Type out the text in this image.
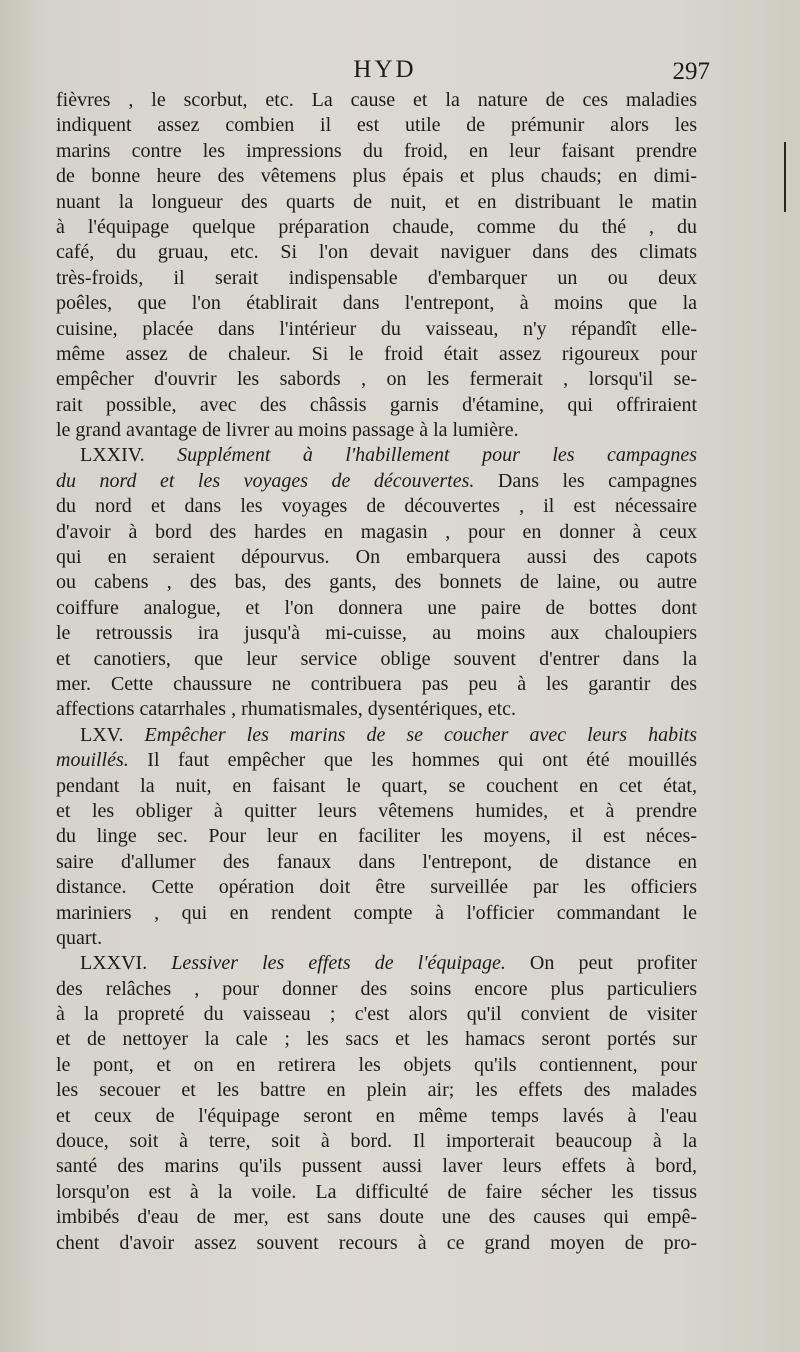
HYD	297
fièvres , le scorbut, etc. La cause et la nature de ces maladies
indiquent assez combien il est utile de prémunir alors les
marins contre les impressions du froid, en leur faisant prendre
de bonne heure des vêtemens plus épais et plus chauds; en dimi-
nuant la longueur des quarts de nuit, et en distribuant le matin
à l'équipage quelque préparation chaude, comme du thé , du
café, du gruau, etc. Si l'on devait naviguer dans des climats
très-froids, il serait indispensable d'embarquer un ou deux
poêles, que l'on établirait dans l'entrepont, à moins que la
cuisine, placée dans l'intérieur du vaisseau, n'y répandît elle-
même assez de chaleur. Si le froid était assez rigoureux pour
empêcher d'ouvrir les sabords , on les fermerait , lorsqu'il se-
rait possible, avec des châssis garnis d'étamine, qui offriraient
le grand avantage de livrer au moins passage à la lumière.
LXXIV. Supplément à l'habillement pour les campagnes
du nord et les voyages de découvertes. Dans les campagnes
du nord et dans les voyages de découvertes , il est nécessaire
d'avoir à bord des hardes en magasin , pour en donner à ceux
qui en seraient dépourvus. On embarquera aussi des capots
ou cabens , des bas, des gants, des bonnets de laine, ou autre
coiffure analogue, et l'on donnera une paire de bottes dont
le retroussis ira jusqu'à mi-cuisse, au moins aux chaloupiers
et canotiers, que leur service oblige souvent d'entrer dans la
mer. Cette chaussure ne contribuera pas peu à les garantir des
affections catarrhales , rhumatismales, dysentériques, etc.
LXV. Empêcher les marins de se coucher avec leurs habits
mouillés. Il faut empêcher que les hommes qui ont été mouillés
pendant la nuit, en faisant le quart, se couchent en cet état,
et les obliger à quitter leurs vêtemens humides, et à prendre
du linge sec. Pour leur en faciliter les moyens, il est néces-
saire d'allumer des fanaux dans l'entrepont, de distance en
distance. Cette opération doit être surveillée par les officiers
mariniers , qui en rendent compte à l'officier commandant le
quart.
LXXVI. Lessiver les effets de l'équipage. On peut profiter
des relâches , pour donner des soins encore plus particuliers
à la propreté du vaisseau ; c'est alors qu'il convient de visiter
et de nettoyer la cale ; les sacs et les hamacs seront portés sur
le pont, et on en retirera les objets qu'ils contiennent, pour
les secouer et les battre en plein air; les effets des malades
et ceux de l'équipage seront en même temps lavés à l'eau
douce, soit à terre, soit à bord. Il importerait beaucoup à la
santé des marins qu'ils pussent aussi laver leurs effets à bord,
lorsqu'on est à la voile. La difficulté de faire sécher les tissus
imbibés d'eau de mer, est sans doute une des causes qui empê-
chent d'avoir assez souvent recours à ce grand moyen de pro-
